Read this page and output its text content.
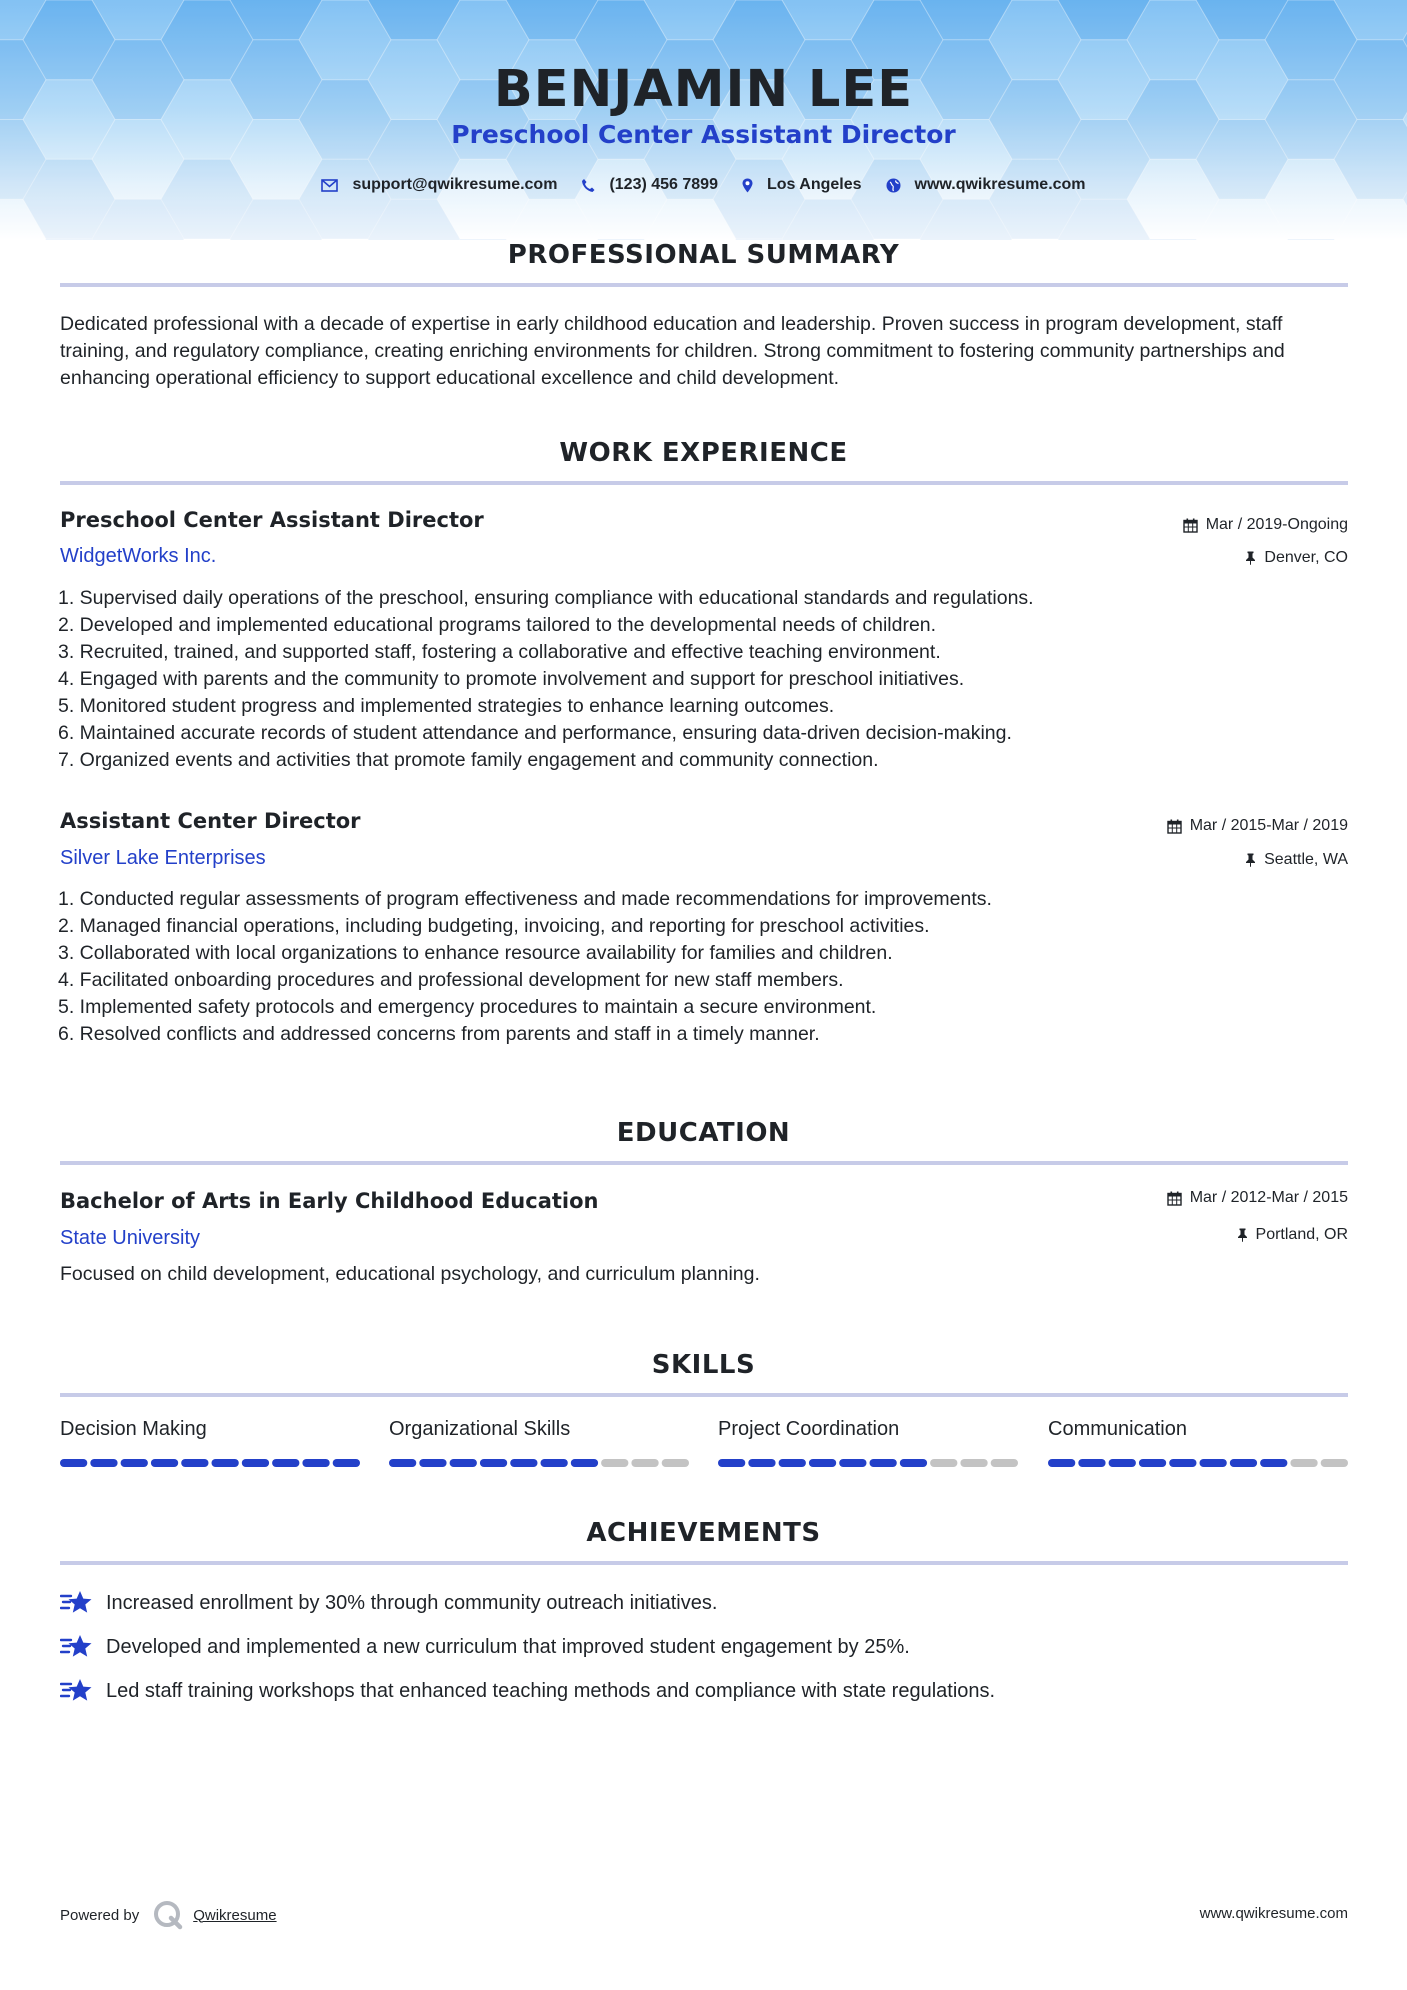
BENJAMIN LEE
Preschool Center Assistant Director
support@qwikresume.com	(123) 456 7899	Los Angeles	www.qwikresume.com
PROFESSIONAL SUMMARY
Dedicated professional with a decade of expertise in early childhood education and leadership. Proven success in program development, staff training, and regulatory compliance, creating enriching environments for children. Strong commitment to fostering community partnerships and enhancing operational efficiency to support educational excellence and child development.
WORK EXPERIENCE
Preschool Center Assistant Director	Mar / 2019-Ongoing
WidgetWorks Inc.	Denver, CO
1. Supervised daily operations of the preschool, ensuring compliance with educational standards and regulations.
2. Developed and implemented educational programs tailored to the developmental needs of children.
3. Recruited, trained, and supported staff, fostering a collaborative and effective teaching environment.
4. Engaged with parents and the community to promote involvement and support for preschool initiatives.
5. Monitored student progress and implemented strategies to enhance learning outcomes.
6. Maintained accurate records of student attendance and performance, ensuring data-driven decision-making.
7. Organized events and activities that promote family engagement and community connection.
Assistant Center Director	Mar / 2015-Mar / 2019
Silver Lake Enterprises	Seattle, WA
1. Conducted regular assessments of program effectiveness and made recommendations for improvements.
2. Managed financial operations, including budgeting, invoicing, and reporting for preschool activities.
3. Collaborated with local organizations to enhance resource availability for families and children.
4. Facilitated onboarding procedures and professional development for new staff members.
5. Implemented safety protocols and emergency procedures to maintain a secure environment.
6. Resolved conflicts and addressed concerns from parents and staff in a timely manner.
EDUCATION
Bachelor of Arts in Early Childhood Education	Mar / 2012-Mar / 2015
State University	Portland, OR
Focused on child development, educational psychology, and curriculum planning.
SKILLS
Decision Making	Organizational Skills	Project Coordination	Communication
ACHIEVEMENTS
Increased enrollment by 30% through community outreach initiatives.
Developed and implemented a new curriculum that improved student engagement by 25%.
Led staff training workshops that enhanced teaching methods and compliance with state regulations.
Powered by	Qwikresume	www.qwikresume.com
